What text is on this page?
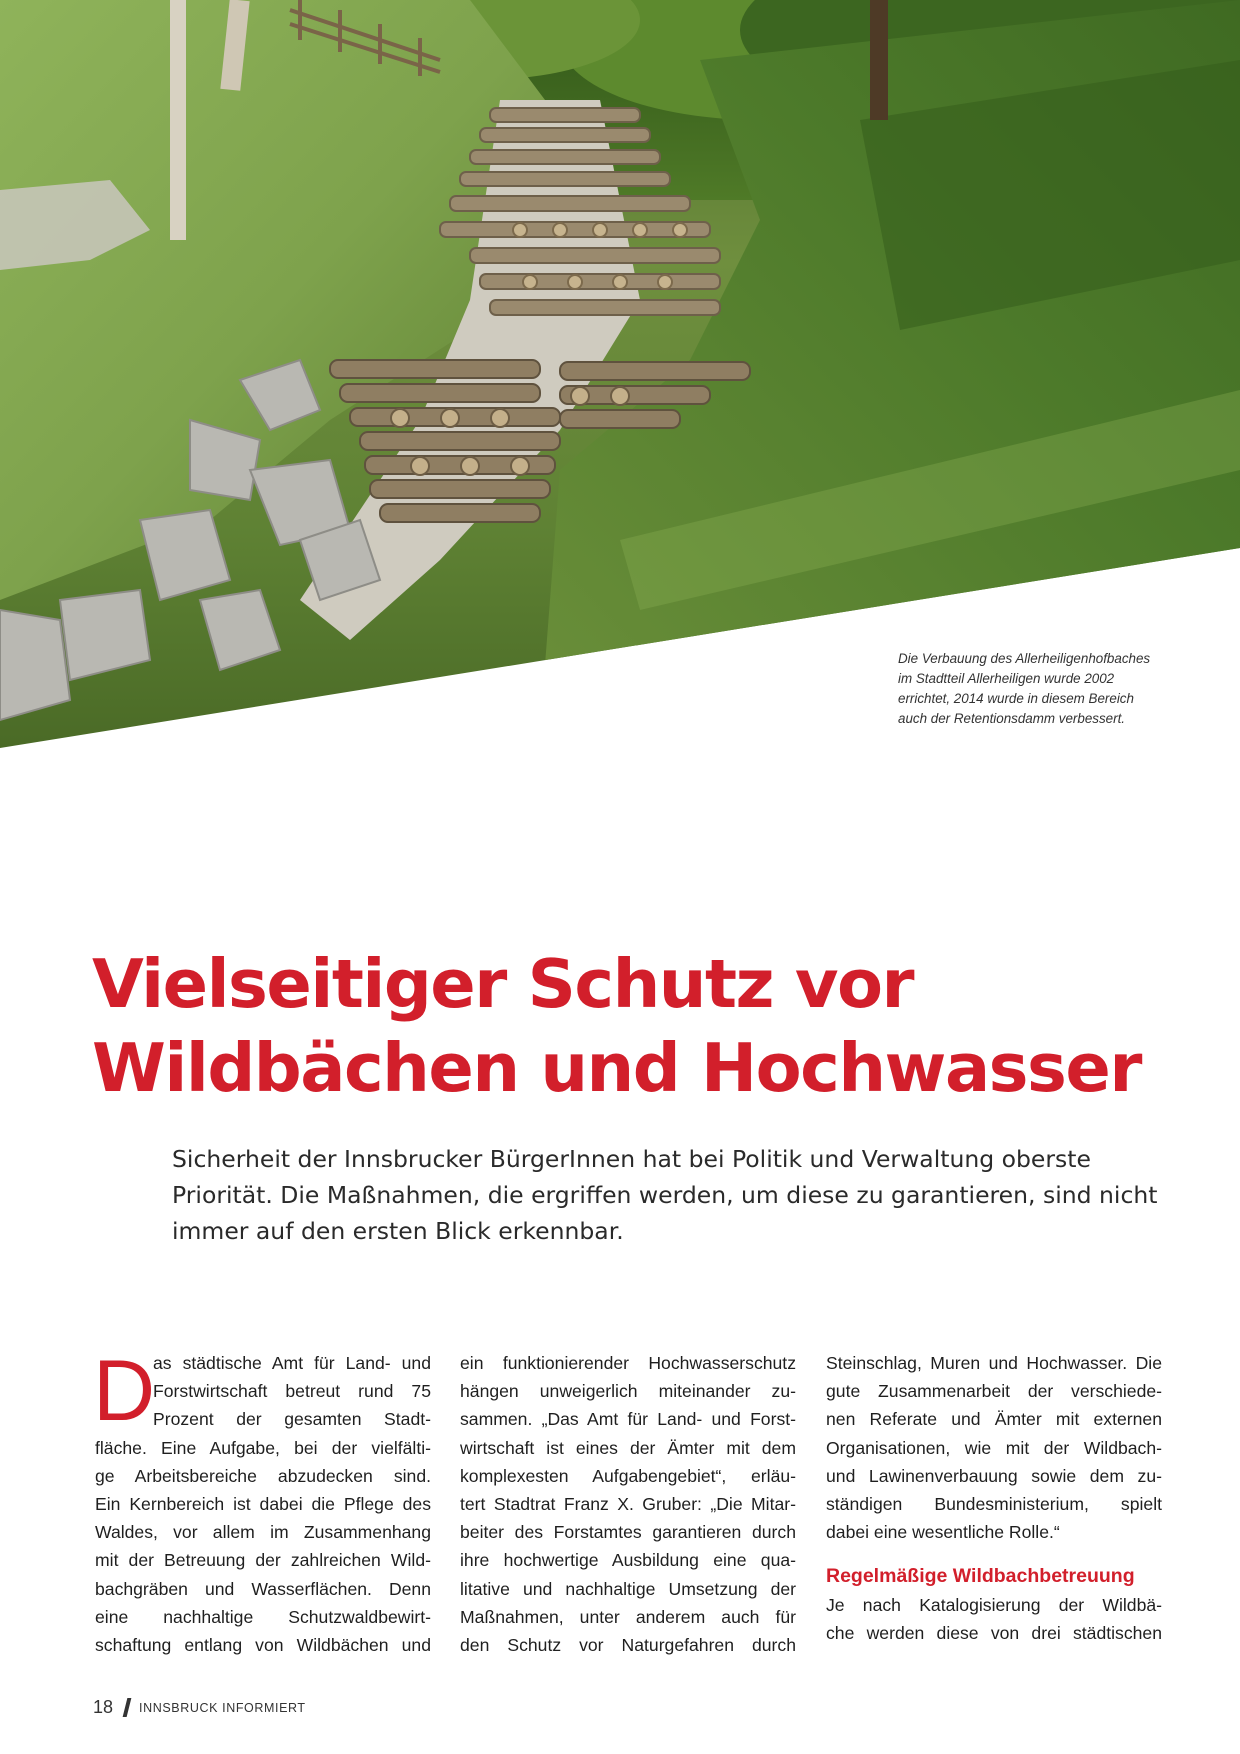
Die Verbauung des Allerheiligenhofbaches
im Stadtteil Allerheiligen wurde 2002
errichtet, 2014 wurde in diesem Bereich
auch der Retentionsdamm verbessert.
Vielseitiger Schutz vor
Wildbächen und Hochwasser
Sicherheit der Innsbrucker BürgerInnen hat bei Politik und Verwaltung oberste
Priorität. Die Maßnahmen, die ergriffen werden, um diese zu garantieren, sind nicht
immer auf den ersten Blick erkennbar.
D
as städtische Amt für Land- und
Forstwirtschaft betreut rund 75
Prozent der gesamten Stadt-
fläche. Eine Aufgabe, bei der vielfälti-
ge Arbeitsbereiche abzudecken sind.
Ein Kernbereich ist dabei die Pflege des
Waldes, vor allem im Zusammenhang
mit der Betreuung der zahlreichen Wild-
bachgräben und Wasserflächen. Denn
eine nachhaltige Schutzwaldbewirt-
schaftung entlang von Wildbächen und
ein funktionierender Hochwasserschutz
hängen unweigerlich miteinander zu-
sammen. „Das Amt für Land- und Forst-
wirtschaft ist eines der Ämter mit dem
komplexesten Aufgabengebiet“, erläu-
tert Stadtrat Franz X. Gruber: „Die Mitar-
beiter des Forstamtes garantieren durch
ihre hochwertige Ausbildung eine qua-
litative und nachhaltige Umsetzung der
Maßnahmen, unter anderem auch für
den Schutz vor Naturgefahren durch
Steinschlag, Muren und Hochwasser. Die
gute Zusammenarbeit der verschiede-
nen Referate und Ämter mit externen
Organisationen, wie mit der Wildbach-
und Lawinenverbauung sowie dem zu-
ständigen Bundesministerium, spielt
dabei eine wesentliche Rolle.“
Regelmäßige Wildbachbetreuung
Je nach Katalogisierung der Wildbä-
che werden diese von drei städtischen
18 INNSBRUCK INFORMIERT
